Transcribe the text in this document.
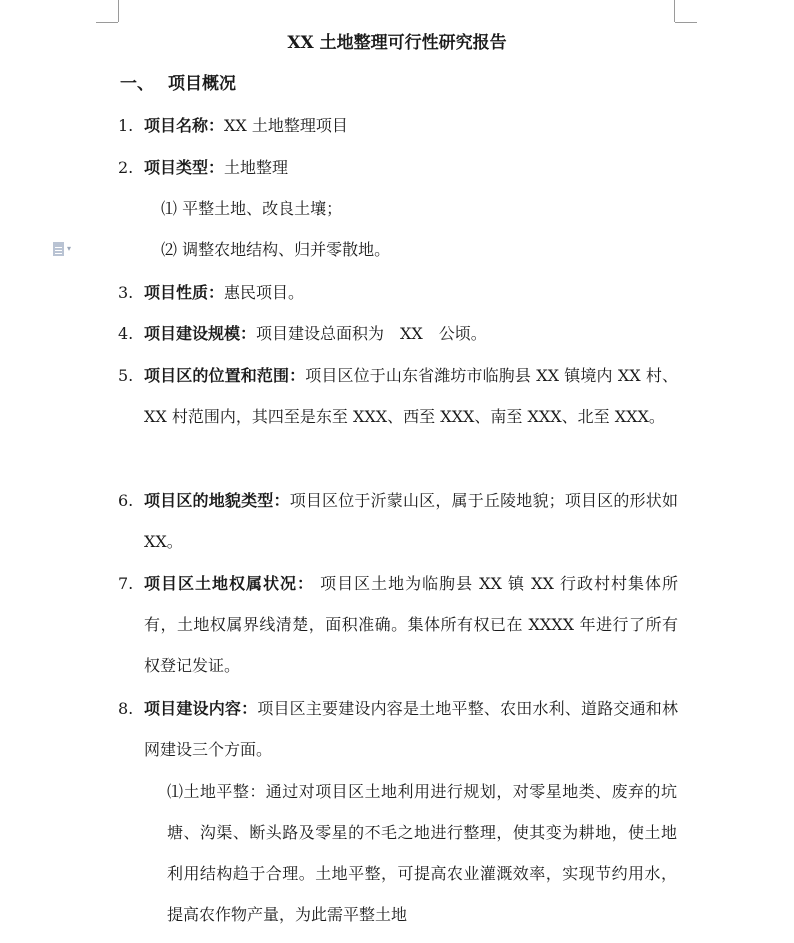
▾
XX 土地整理可行性研究报告
一、 项目概况
1. 项目名称：XX 土地整理项目
2. 项目类型：土地整理
⑴ 平整土地、改良土壤；
⑵ 调整农地结构、归并零散地。
3. 项目性质：惠民项目。
4. 项目建设规模：项目建设总面积为　XX　公顷。
5. 项目区的位置和范围：项目区位于山东省潍坊市临朐县 XX 镇境内 XX 村、XX 村范围内，其四至是东至 XXX、西至 XXX、南至 XXX、北至 XXX。
6. 项目区的地貌类型：项目区位于沂蒙山区，属于丘陵地貌；项目区的形状如 XX。
7. 项目区土地权属状况： 项目区土地为临朐县 XX 镇 XX 行政村村集体所有，土地权属界线清楚，面积准确。集体所有权已在 XXXX 年进行了所有权登记发证。
8. 项目建设内容：项目区主要建设内容是土地平整、农田水利、道路交通和林网建设三个方面。
⑴土地平整：通过对项目区土地利用进行规划，对零星地类、废弃的坑塘、沟渠、断头路及零星的不毛之地进行整理，使其变为耕地，使土地利用结构趋于合理。土地平整，可提高农业灌溉效率，实现节约用水，提高农作物产量，为此需平整土地
